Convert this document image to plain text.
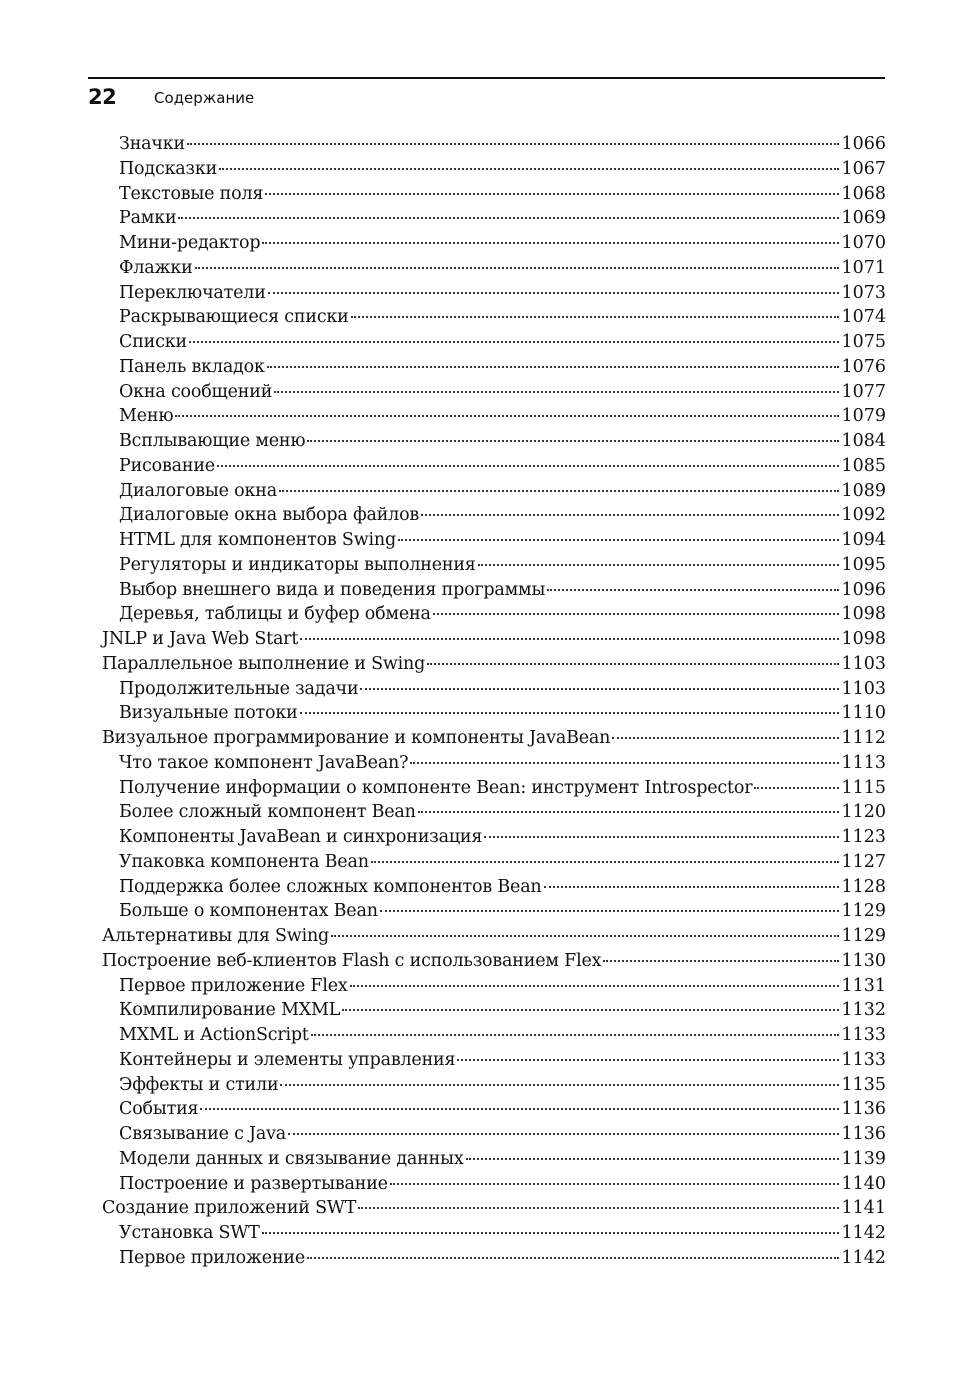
22	Содержание
Значки	1066
Подсказки	1067
Текстовые поля	1068
Рамки	1069
Мини-редактор	1070
Флажки	1071
Переключатели	1073
Раскрывающиеся списки	1074
Списки	1075
Панель вкладок	1076
Окна сообщений	1077
Меню	1079
Всплывающие меню	1084
Рисование	1085
Диалоговые окна	1089
Диалоговые окна выбора файлов	1092
HTML для компонентов Swing	1094
Регуляторы и индикаторы выполнения	1095
Выбор внешнего вида и поведения программы	1096
Деревья, таблицы и буфер обмена	1098
JNLP и Java Web Start	1098
Параллельное выполнение и Swing	1103
Продолжительные задачи	1103
Визуальные потоки	1110
Визуальное программирование и компоненты JavaBean	1112
Что такое компонент JavaBean?	1113
Получение информации о компоненте Bean: инструмент Introspector	1115
Более сложный компонент Bean	1120
Компоненты JavaBean и синхронизация	1123
Упаковка компонента Bean	1127
Поддержка более сложных компонентов Bean	1128
Больше о компонентах Bean	1129
Альтернативы для Swing	1129
Построение веб-клиентов Flash с использованием Flex	1130
Первое приложение Flex	1131
Компилирование MXML	1132
MXML и ActionScript	1133
Контейнеры и элементы управления	1133
Эффекты и стили	1135
События	1136
Связывание с Java	1136
Модели данных и связывание данных	1139
Построение и развертывание	1140
Создание приложений SWT	1141
Установка SWT	1142
Первое приложение	1142
